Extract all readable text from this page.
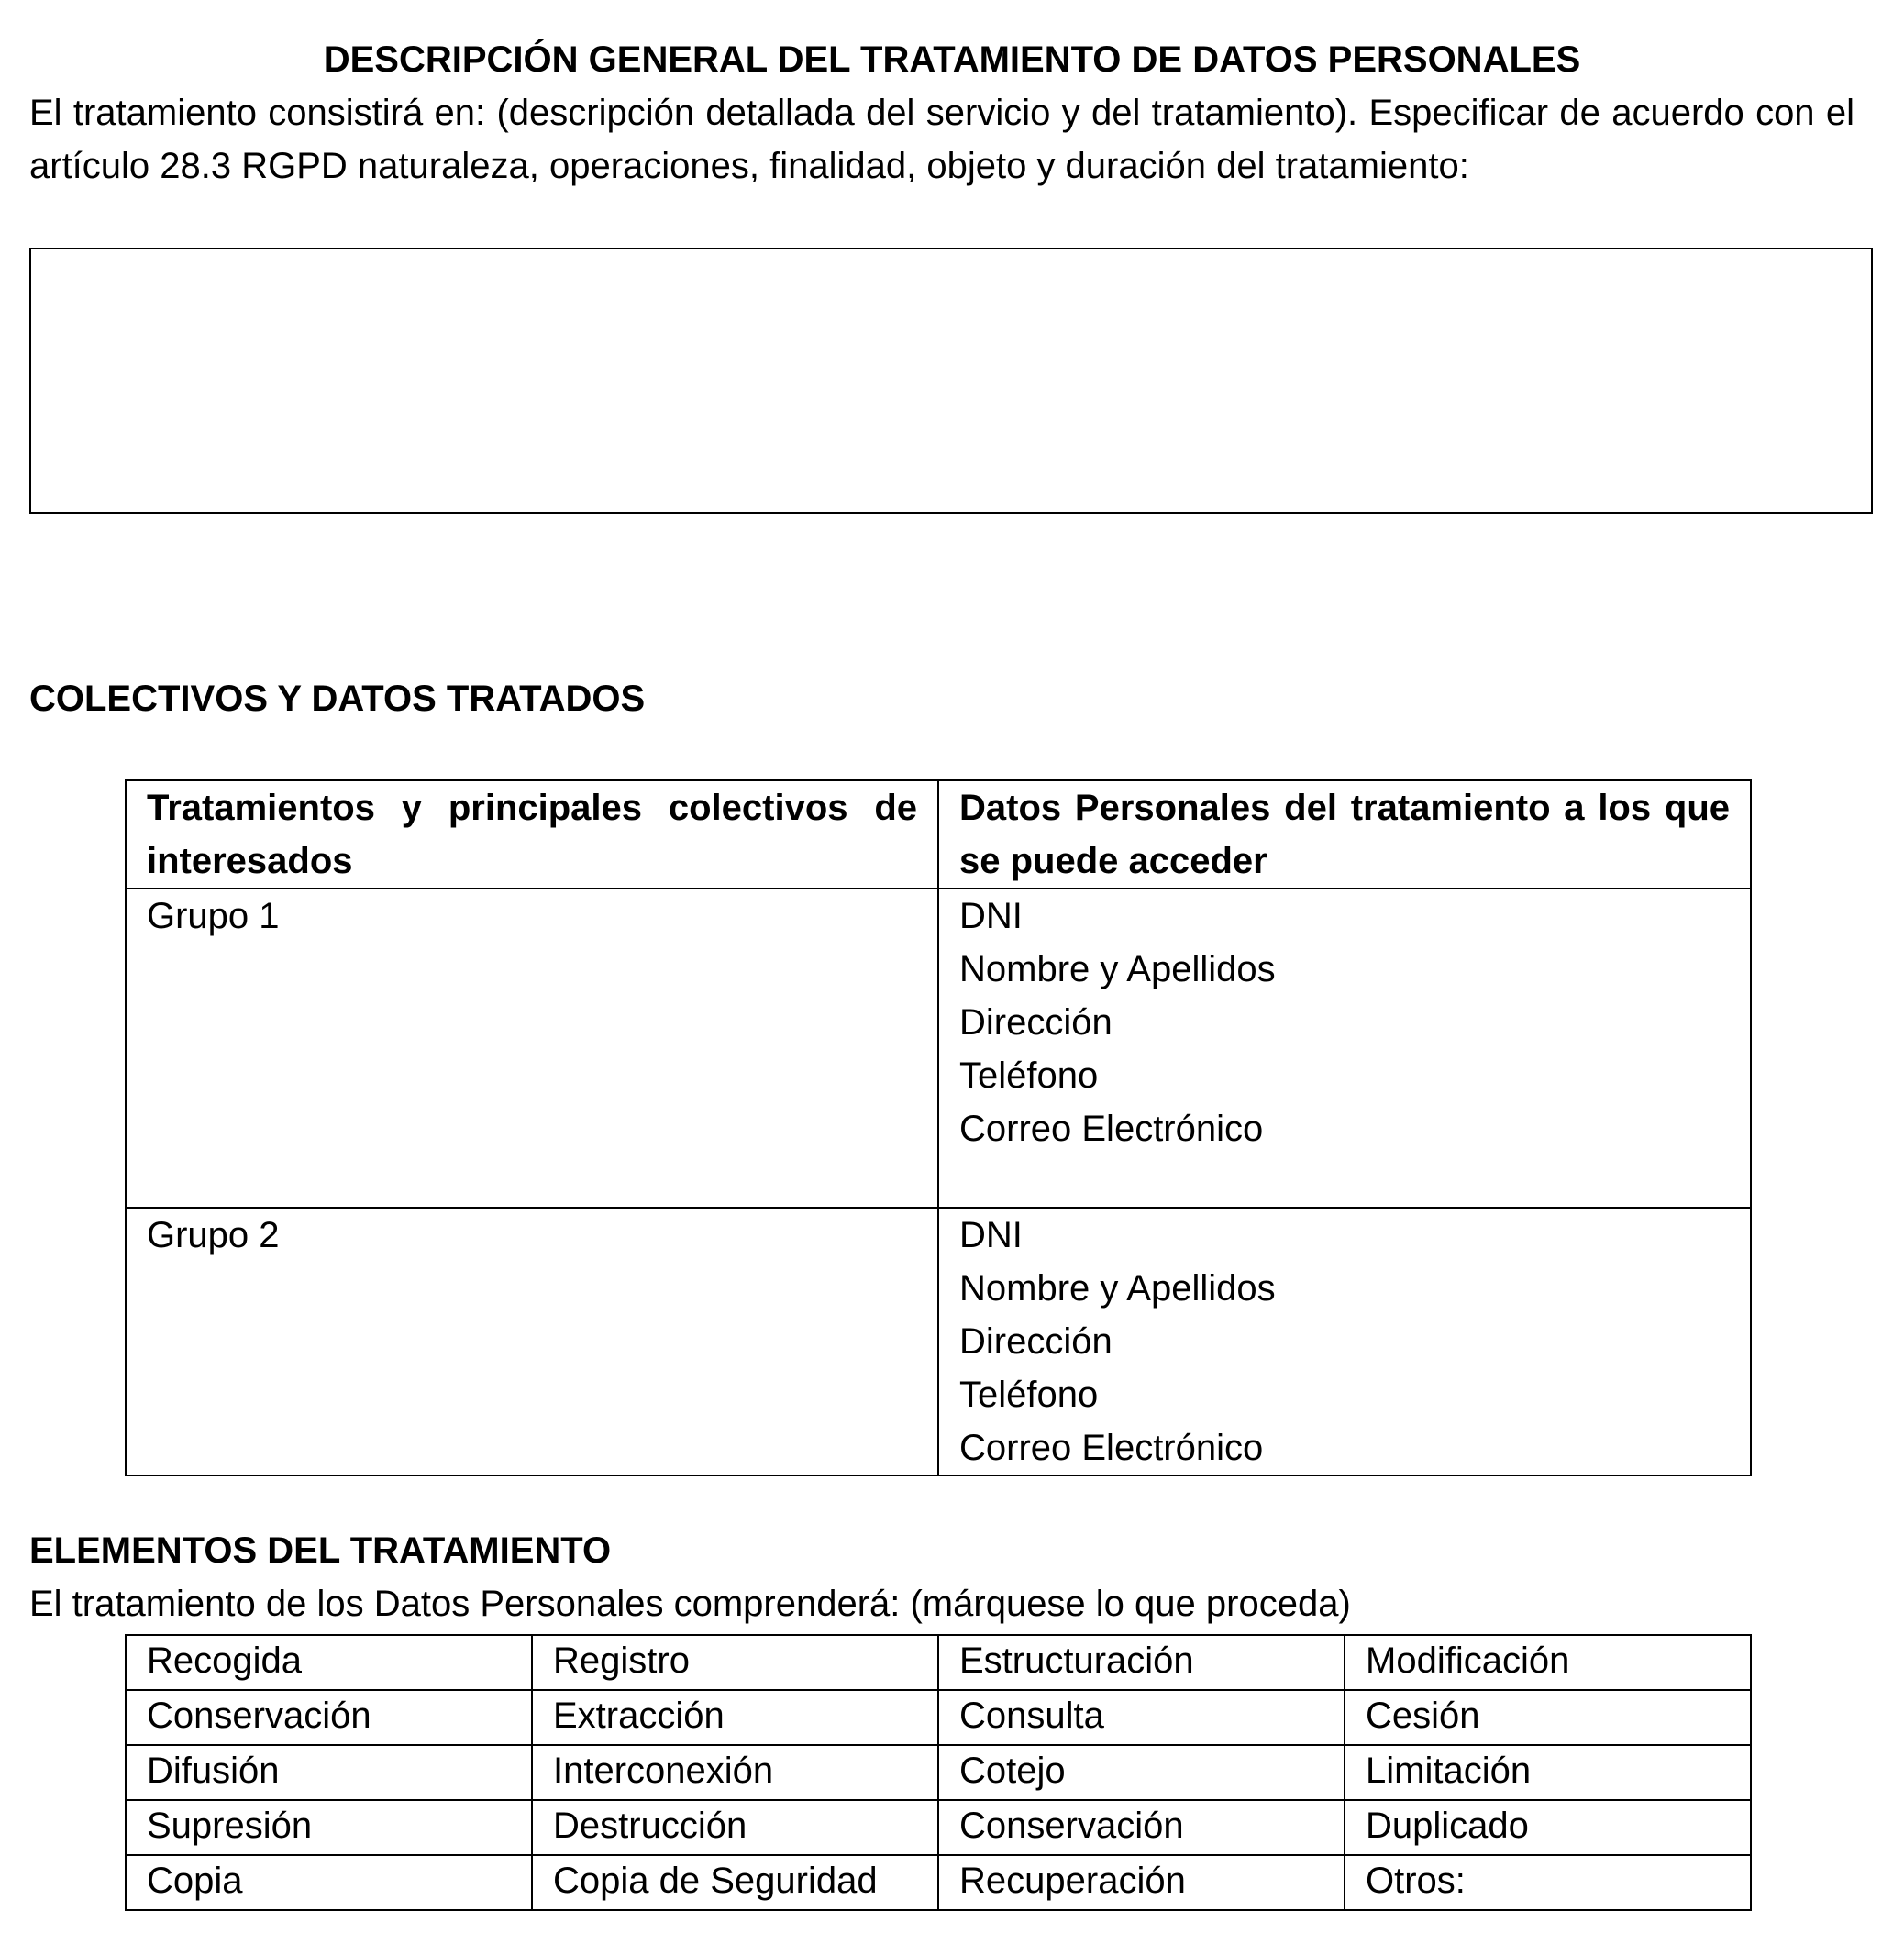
DESCRIPCIÓN GENERAL DEL TRATAMIENTO DE DATOS PERSONALES

El tratamiento consistirá en: (descripción detallada del servicio y del tratamiento). Especificar de acuerdo con el artículo 28.3 RGPD naturaleza, operaciones, finalidad, objeto y duración del tratamiento:

COLECTIVOS Y DATOS TRATADOS
Tratamientos y principales colectivos de interesados	Datos Personales del tratamiento a los que se puede acceder
Grupo 1	DNI
Nombre y Apellidos
Dirección
Teléfono
Correo Electrónico

Grupo 2	DNI
Nombre y Apellidos
Dirección
Teléfono
Correo Electrónico
ELEMENTOS DEL TRATAMIENTO

El tratamiento de los Datos Personales comprenderá: (márquese lo que proceda)

Recogida	Registro	Estructuración	Modificación
Conservación	Extracción	Consulta	Cesión
Difusión	Interconexión	Cotejo	Limitación
Supresión	Destrucción	Conservación	Duplicado
Copia	Copia de Seguridad	Recuperación	Otros:
